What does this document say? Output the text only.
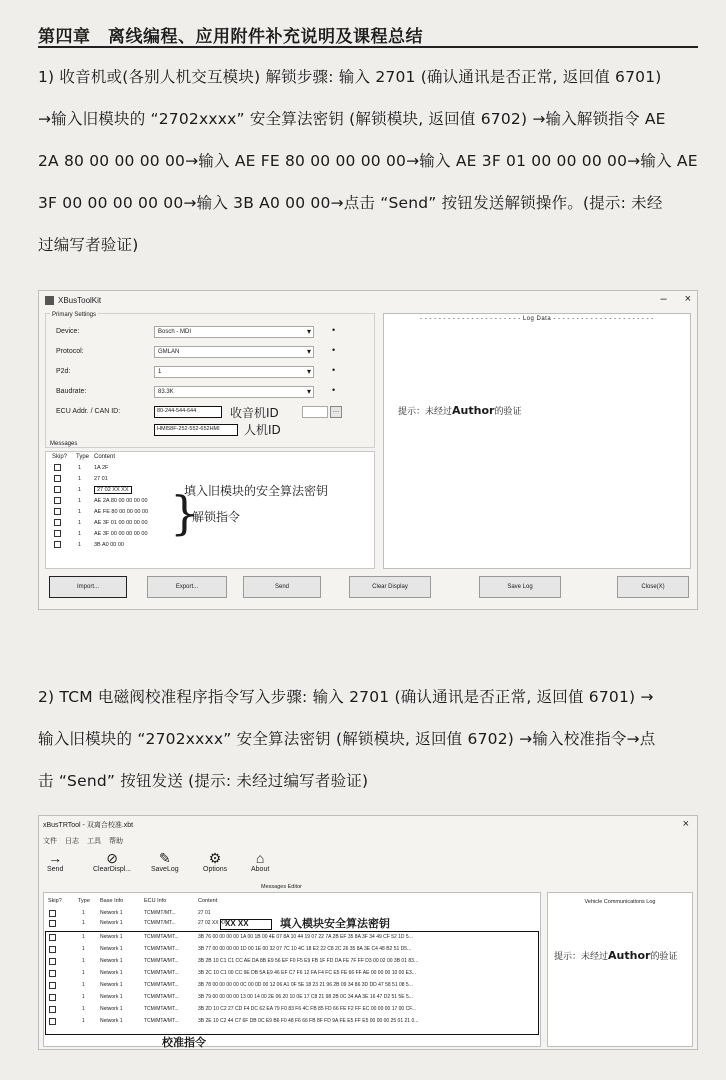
第四章　离线编程、应用附件补充说明及课程总结
1) 收音机或(各别人机交互模块) 解锁步骤: 输入 2701 (确认通讯是否正常, 返回值 6701)
→输入旧模块的 “2702xxxx” 安全算法密钥 (解锁模块, 返回值 6702) →输入解锁指令 AE
2A 80 00 00 00 00→输入 AE FE 80 00 00 00 00→输入 AE 3F 01 00 00 00 00→输入 AE
3F 00 00 00 00 00→输入 3B A0 00 00→点击 “Send” 按钮发送解锁操作。(提示: 未经
过编写者验证)
XBusToolKit	– ×
Primary Settings
Device:	Bosch - MDI ▾	•
Protocol:	GMLAN ▾	•
P2d:	1 ▾	•
Baudrate:	83.3K ▾	•
ECU Addr. / CAN ID:	80-244-544-644	收音机ID	…
HMI58F-252-552-652HMI	人机ID
Messages
Skip? Type Content
1 1A 2F
1 27 01
1	27 02 XX XX
1 AE 2A 80 00 00 00 00
1 AE FE 80 00 00 00 00
1 AE 3F 01 00 00 00 00
1 AE 3F 00 00 00 00 00
1 3B A0 00 00
填入旧模块的安全算法密钥
}
解锁指令
- - - - - - - - - - - - - - - - - - - - - - Log Data - - - - - - - - - - - - - - - - - - - - - -
提示：未经过Author的验证
Import...	Export...	Send	Clear Display	Save Log	Close(X)
2) TCM 电磁阀校准程序指令写入步骤: 输入 2701 (确认通讯是否正常, 返回值 6701) →
输入旧模块的 “2702xxxx” 安全算法密钥 (解锁模块, 返回值 6702) →输入校准指令→点
击 “Send” 按钮发送 (提示: 未经过编写者验证)
xBusTRTool - 双离合校准.xbt	×
文件 日志 工具 帮助
→
Send
⊘
ClearDispl...
✎
SaveLog
⚙
Options
⌂
About
Messages Editor
Skip?	Type Base Info	ECU Info	Content
1	Network 1	TCM/MT/MT...	27 01
1	Network 1	TCM/MT/MT...	27 02 XX XX
XX XX	填入模块安全算法密钥
1	Network 1	TCM/MTA/MT...	3B 76 00 00 00 00 1A 00 1B 00 4E 07 8A 10 44 19 07 22 7A 2B EF 35 8A 3F 34 49 CF 52 1D 5...
1	Network 1	TCM/MTA/MT...	3B 77 00 00 00 00 1D 00 1E 00 32 07 7C 10 4C 18 E2 22 C8 2C 26 35 8A 3E C4 48 B2 51 D5...
1	Network 1	TCM/MTA/MT...	3B 2B 10 C1 C1 CC AE DA 8B E9 56 EF F0 F5 E9 FB 1F FD DA FE 7F FF D3 00 02 00 3B 01 83...
1	Network 1	TCM/MTA/MT...	3B 2C 10 C1 00 CC 9E DB 5A E9 46 EF C7 F6 12 FA F4 FC E5 FE 66 FF AE 00 00 00 10 00 E3...
1	Network 1	TCM/MTA/MT...	3B 78 00 00 00 00 0C 00 0D 00 12 06 A1 0F 5E 18 23 21 96 2B 09 34 86 3D DD 47 58 51 08 5...
1	Network 1	TCM/MTA/MT...	3B 79 00 00 00 00 13 00 14 00 2E 06 20 10 0E 17 C8 21 98 2B 0C 34 AA 3E 16 47 D2 51 5E 5...
1	Network 1	TCM/MTA/MT...	3B 2D 10 C2 27 CD F4 DC 62 EA 79 F0 83 F6 4C FB 85 FD 66 FE F2 FF EC 00 00 00 17 00 CF...
1	Network 1	TCM/MTA/MT...	3B 2E 10 C2 44 C7 6F DB 0C E9 B6 F0 48 F6 66 FB 8F FD 9A FE E5 FF E5 00 00 00 25 01 21 0...
校准指令
Vehicle Communications Log
提示：未经过Author的验证
